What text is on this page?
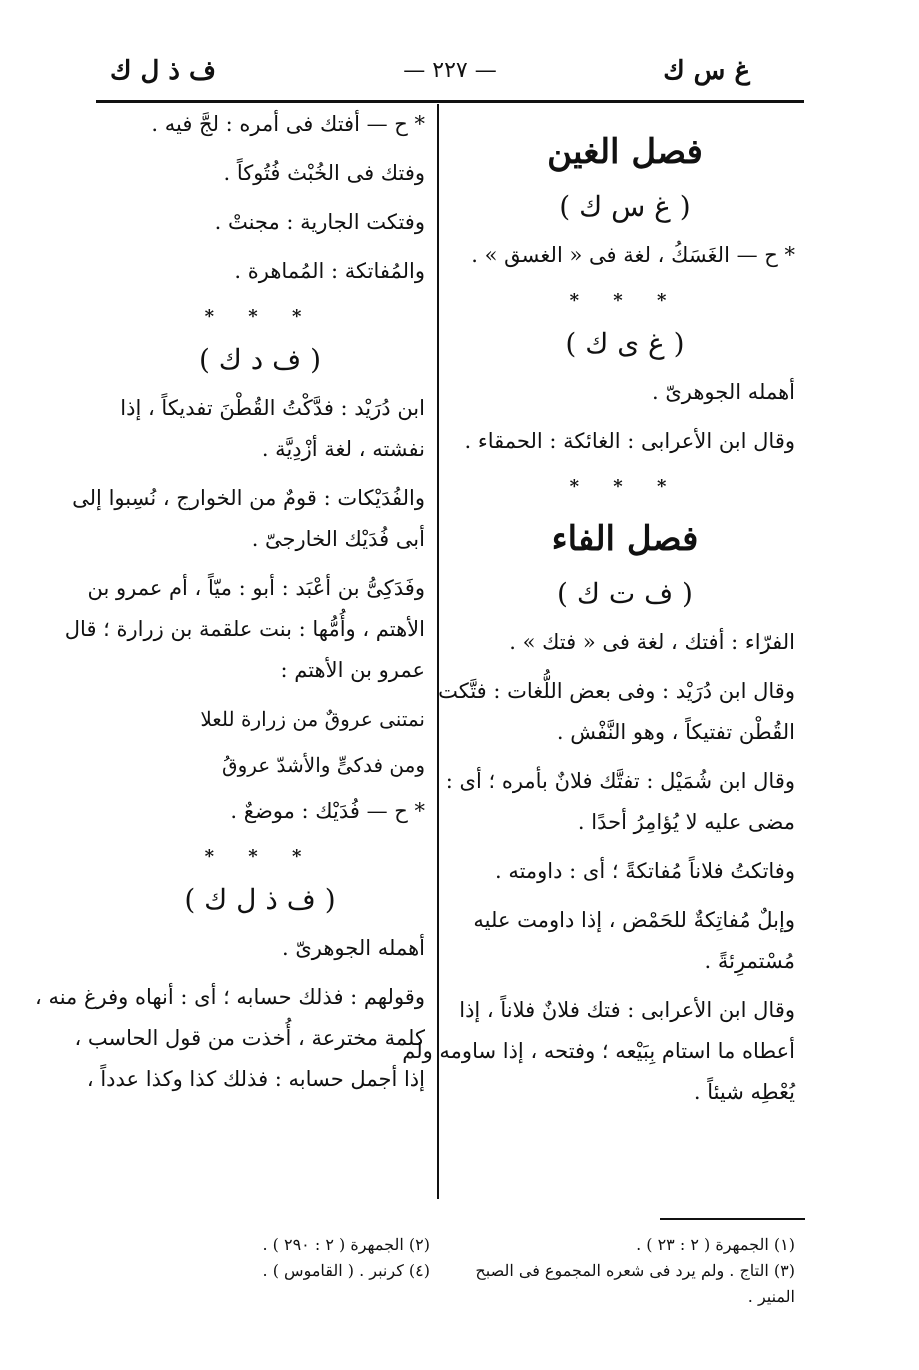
غ س ك
— ٢٢٧ —
ف ذ ل ك
فصل الغين
( غ س ك )
* ح — الغَسَكُ ، لغة فى « الغسق » .
* * *
( غ ى ك )
أهمله الجوهرىّ .
وقال ابن الأعرابى : الغائكة : الحمقاء .
* * *
فصل الفاء
( ف ت ك )
الفرّاء : أفتك ، لغة فى « فتك » .
وقال ابن دُرَيْد : وفى بعض اللُّغات : فتَّكت
القُطْن تفتيكاً ، وهو النَّفْش .
وقال ابن شُمَيْل : تفتَّك فلانٌ بأمره ؛ أى :
مضى عليه لا يُؤامِرُ أحدًا .
وفاتكتُ فلاناً مُفاتكةً ؛ أى : داومته .
وإبلٌ مُفاتِكةٌ للحَمْض ، إذا داومت عليه
مُسْتمرِئةً .
وقال ابن الأعرابى : فتك فلانٌ فلاناً ، إذا
أعطاه ما استام بِبَيْعه ؛ وفتحه ، إذا ساومه ولم
يُعْطِه شيئاً .
* ح — أفتك فى أمره : لجَّ فيه .
وفتك فى الخُبْث فُتُوكاً .
وفتكت الجارية : مجنتْ .
والمُفاتكة : المُماهرة .
* * *
( ف د ك )
ابن دُرَيْد : فدَّكْتُ القُطْنَ تفديكاً ، إذا
نفشته ، لغة أزْدِيَّة .
والفُدَيْكات : قومٌ من الخوارج ، نُسِبوا إلى
أبى فُدَيْك الخارجىّ .
وفَدَكِىُّ بن أعْبَد : أبو : ميّاً ، أم عمرو بن
الأهتم ، وأُمُّها : بنت علقمة بن زرارة ؛ قال
عمرو بن الأهتم :
نمتنى عروقٌ من زرارة للعلا
ومن فدكىٍّ والأشدّ عروقُ
* ح — فُدَيْك : موضعٌ .
* * *
( ف ذ ل ك )
أهمله الجوهرىّ .
وقولهم : فذلك حسابه ؛ أى : أنهاه وفرغ منه ،
كلمة مخترعة ، أُخذت من قول الحاسب ،
إذا أجمل حسابه : فذلك كذا وكذا عدداً ،
(١) الجمهرة ( ٢ : ٢٣ ) .
(٣) التاج . ولم يرد فى شعره المجموع فى الصبح المنير .
(٢) الجمهرة ( ٢ : ٢٩٠ ) .
(٤) كرنبر . ( القاموس ) .
